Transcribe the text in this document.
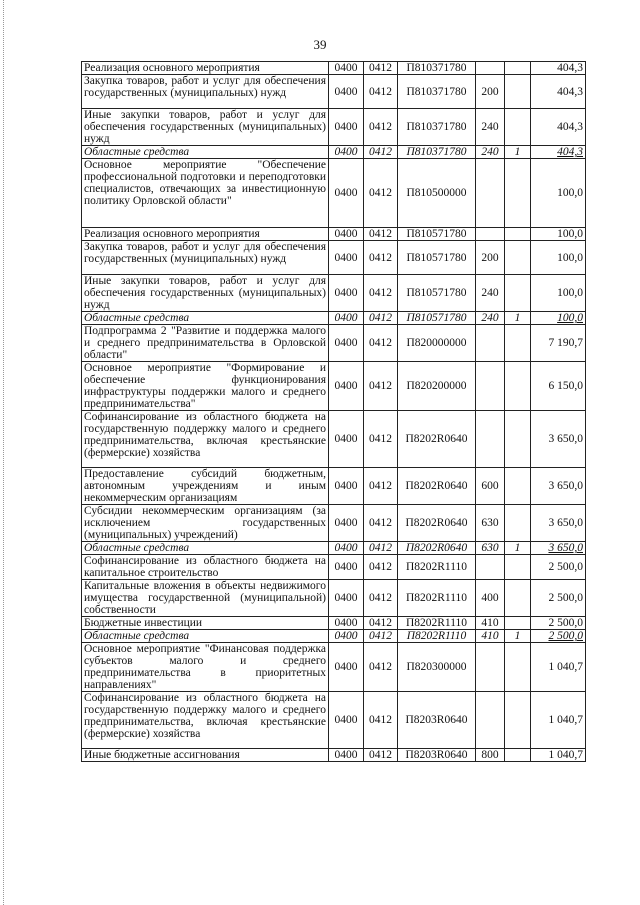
39
Реализация основного мероприятия	0400	0412	П810371780			404,3
Закупка товаров, работ и услуг для обеспечения государственных (муниципальных) нужд	0400	0412	П810371780	200		404,3
Иные закупки товаров, работ и услуг для обеспечения государственных (муниципальных) нужд	0400	0412	П810371780	240		404,3
Областные средства	0400	0412	П810371780	240	1	404,3
Основное мероприятие "Обеспечение профессиональной подготовки и переподготовки специалистов, отвечающих за инвестиционную политику Орловской области"	0400	0412	П810500000			100,0
Реализация основного мероприятия	0400	0412	П810571780			100,0
Закупка товаров, работ и услуг для обеспечения государственных (муниципальных) нужд	0400	0412	П810571780	200		100,0
Иные закупки товаров, работ и услуг для обеспечения государственных (муниципальных) нужд	0400	0412	П810571780	240		100,0
Областные средства	0400	0412	П810571780	240	1	100,0
Подпрограмма 2 "Развитие и поддержка малого и среднего предпринимательства в Орловской области"	0400	0412	П820000000			7 190,7
Основное мероприятие "Формирование и обеспечение функционирования инфраструктуры поддержки малого и среднего предпринимательства"	0400	0412	П820200000			6 150,0
Софинансирование из областного бюджета на государственную поддержку малого и среднего предпринимательства, включая крестьянские (фермерские) хозяйства	0400	0412	П8202R0640			3 650,0
Предоставление субсидий бюджетным, автономным учреждениям и иным некоммерческим организациям	0400	0412	П8202R0640	600		3 650,0
Субсидии некоммерческим организациям (за исключением государственных (муниципальных) учреждений)	0400	0412	П8202R0640	630		3 650,0
Областные средства	0400	0412	П8202R0640	630	1	3 650,0
Софинансирование из областного бюджета на капитальное строительство	0400	0412	П8202R1110			2 500,0
Капитальные вложения в объекты недвижимого имущества государственной (муниципальной) собственности	0400	0412	П8202R1110	400		2 500,0
Бюджетные инвестиции	0400	0412	П8202R1110	410		2 500,0
Областные средства	0400	0412	П8202R1110	410	1	2 500,0
Основное мероприятие "Финансовая поддержка субъектов малого и среднего предпринимательства в приоритетных направлениях"	0400	0412	П820300000			1 040,7
Софинансирование из областного бюджета на государственную поддержку малого и среднего предпринимательства, включая крестьянские (фермерские) хозяйства	0400	0412	П8203R0640			1 040,7
Иные бюджетные ассигнования	0400	0412	П8203R0640	800		1 040,7
